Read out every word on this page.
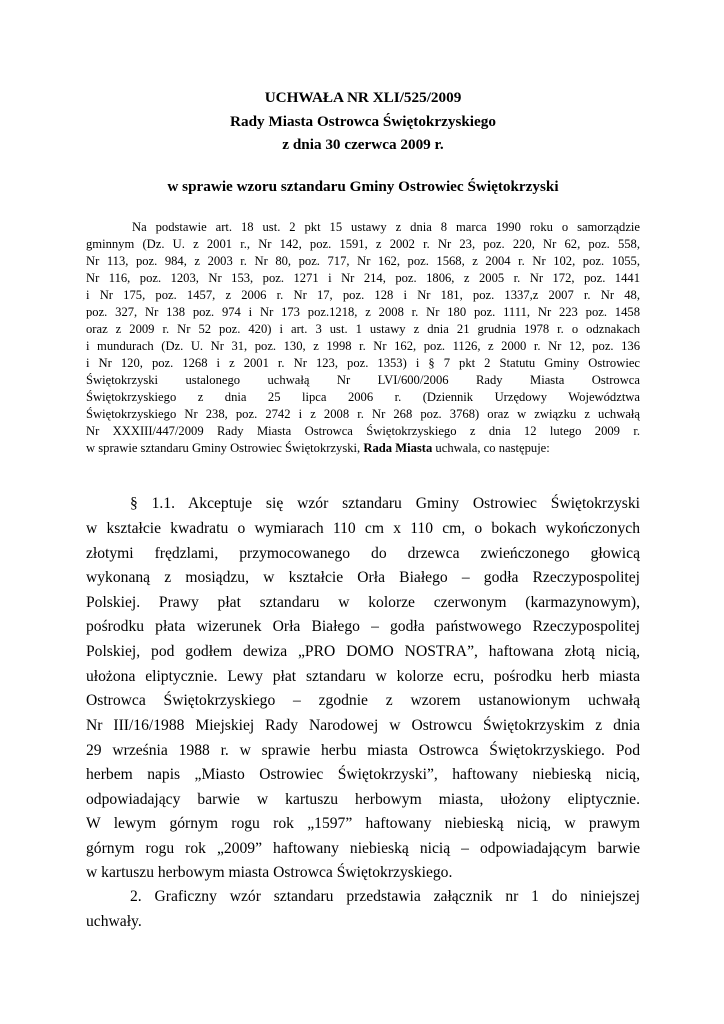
UCHWAŁA NR XLI/525/2009
Rady Miasta Ostrowca Świętokrzyskiego
z dnia 30 czerwca 2009 r.
w sprawie wzoru sztandaru Gminy Ostrowiec Świętokrzyski
Na podstawie art. 18 ust. 2 pkt 15 ustawy z dnia 8 marca 1990 roku o samorządzie
gminnym (Dz. U. z 2001 r., Nr 142, poz. 1591, z 2002 r. Nr 23, poz. 220, Nr 62, poz. 558,
Nr 113, poz. 984, z 2003 r. Nr 80, poz. 717, Nr 162, poz. 1568, z 2004 r. Nr 102, poz. 1055,
Nr 116, poz. 1203, Nr 153, poz. 1271 i Nr 214, poz. 1806, z 2005 r. Nr 172, poz. 1441
i Nr 175, poz. 1457, z 2006 r. Nr 17, poz. 128 i Nr 181, poz. 1337,z 2007 r. Nr 48,
poz. 327, Nr 138 poz. 974 i Nr 173 poz.1218, z 2008 r. Nr 180 poz. 1111, Nr 223 poz. 1458
oraz z 2009 r. Nr 52 poz. 420) i art. 3 ust. 1 ustawy z dnia 21 grudnia 1978 r. o odznakach
i mundurach (Dz. U. Nr 31, poz. 130, z 1998 r. Nr 162, poz. 1126, z 2000 r. Nr 12, poz. 136
i Nr 120, poz. 1268 i z 2001 r. Nr 123, poz. 1353) i § 7 pkt 2 Statutu Gminy Ostrowiec
Świętokrzyski ustalonego uchwałą Nr LVI/600/2006 Rady Miasta Ostrowca
Świętokrzyskiego z dnia 25 lipca 2006 r. (Dziennik Urzędowy Województwa
Świętokrzyskiego Nr 238, poz. 2742 i z 2008 r. Nr 268 poz. 3768) oraz w związku z uchwałą
Nr XXXIII/447/2009 Rady Miasta Ostrowca Świętokrzyskiego z dnia 12 lutego 2009 r.
w sprawie sztandaru Gminy Ostrowiec Świętokrzyski, Rada Miasta uchwala, co następuje:
§ 1.1. Akceptuje się wzór sztandaru Gminy Ostrowiec Świętokrzyski
w kształcie kwadratu o wymiarach 110 cm x 110 cm, o bokach wykończonych
złotymi frędzlami, przymocowanego do drzewca zwieńczonego głowicą
wykonaną z mosiądzu, w kształcie Orła Białego – godła Rzeczypospolitej
Polskiej. Prawy płat sztandaru w kolorze czerwonym (karmazynowym),
pośrodku płata wizerunek Orła Białego – godła państwowego Rzeczypospolitej
Polskiej, pod godłem dewiza „PRO DOMO NOSTRA”, haftowana złotą nicią,
ułożona eliptycznie. Lewy płat sztandaru w kolorze ecru, pośrodku herb miasta
Ostrowca Świętokrzyskiego – zgodnie z wzorem ustanowionym uchwałą
Nr III/16/1988 Miejskiej Rady Narodowej w Ostrowcu Świętokrzyskim z dnia
29 września 1988 r. w sprawie herbu miasta Ostrowca Świętokrzyskiego. Pod
herbem napis „Miasto Ostrowiec Świętokrzyski”, haftowany niebieską nicią,
odpowiadający barwie w kartuszu herbowym miasta, ułożony eliptycznie.
W lewym górnym rogu rok „1597” haftowany niebieską nicią, w prawym
górnym rogu rok „2009” haftowany niebieską nicią – odpowiadającym barwie
w kartuszu herbowym miasta Ostrowca Świętokrzyskiego.
2. Graficzny wzór sztandaru przedstawia załącznik nr 1 do niniejszej
uchwały.
